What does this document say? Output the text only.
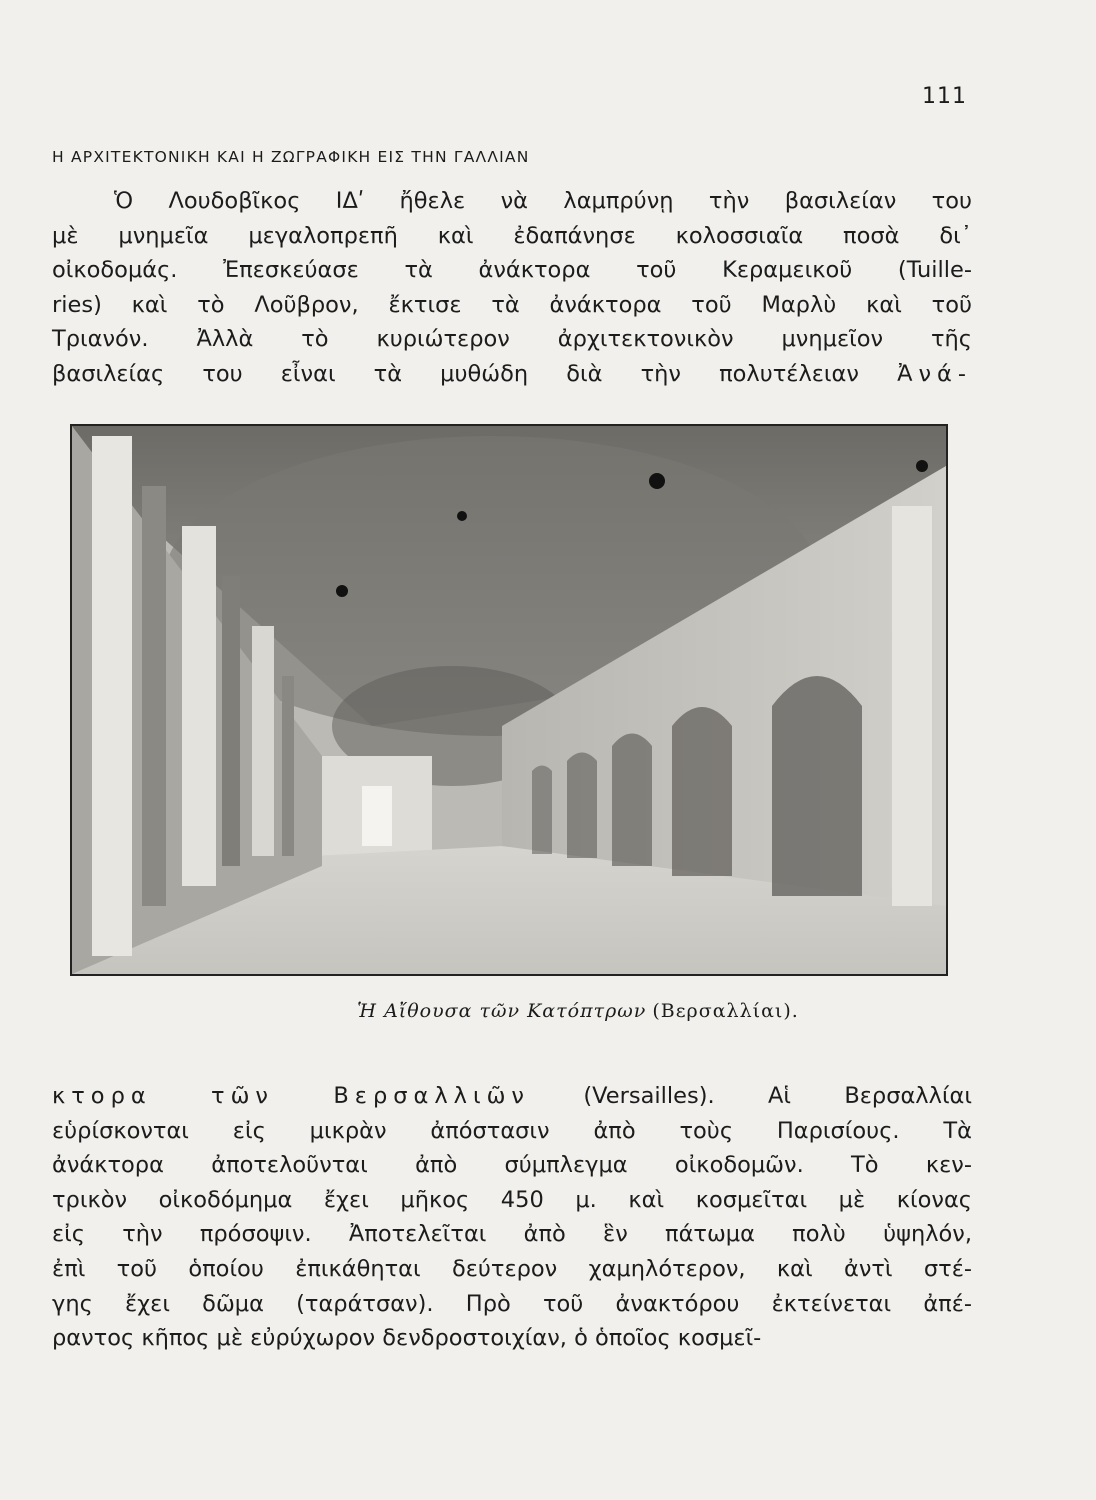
111
Η ΑΡΧΙΤΕΚΤΟΝΙΚΗ ΚΑΙ Η ΖΩΓΡΑΦΙΚΗ ΕΙΣ ΤΗΝ ΓΑΛΛΙΑΝ
Ὁ Λουδοβῖκος ΙΔʹ ἤθελε νὰ λαμπρύνῃ τὴν βασιλείαν του
μὲ μνημεῖα μεγαλοπρεπῆ καὶ ἐδαπάνησε κολοσσιαῖα ποσὰ δι᾽
οἰκοδομάς. Ἐπεσκεύασε τὰ ἀνάκτορα τοῦ Κεραμεικοῦ (Tuille-
ries) καὶ τὸ Λοῦβρον, ἔκτισε τὰ ἀνάκτορα τοῦ Μαρλὺ καὶ τοῦ
Τριανόν. Ἀλλὰ τὸ κυριώτερον ἀρχιτεκτονικὸν μνημεῖον τῆς
βασιλείας του εἶναι τὰ μυθώδη διὰ τὴν πολυτέλειαν Ἀνά-
Ἡ Αἴθουσα τῶν Κατόπτρων (Βερσαλλίαι).
κτορα τῶν Βερσαλλιῶν (Versailles). Αἱ Βερσαλλίαι
εὑρίσκονται εἰς μικρὰν ἀπόστασιν ἀπὸ τοὺς Παρισίους. Τὰ
ἀνάκτορα ἀποτελοῦνται ἀπὸ σύμπλεγμα οἰκοδομῶν. Τὸ κεν-
τρικὸν οἰκοδόμημα ἔχει μῆκος 450 μ. καὶ κοσμεῖται μὲ κίονας
εἰς τὴν πρόσοψιν. Ἀποτελεῖται ἀπὸ ἓν πάτωμα πολὺ ὑψηλόν,
ἐπὶ τοῦ ὁποίου ἐπικάθηται δεύτερον χαμηλότερον, καὶ ἀντὶ στέ-
γης ἔχει δῶμα (ταράτσαν). Πρὸ τοῦ ἀνακτόρου ἐκτείνεται ἀπέ-
ραντος κῆπος μὲ εὐρύχωρον δενδροστοιχίαν, ὁ ὁποῖος κοσμεῖ-
